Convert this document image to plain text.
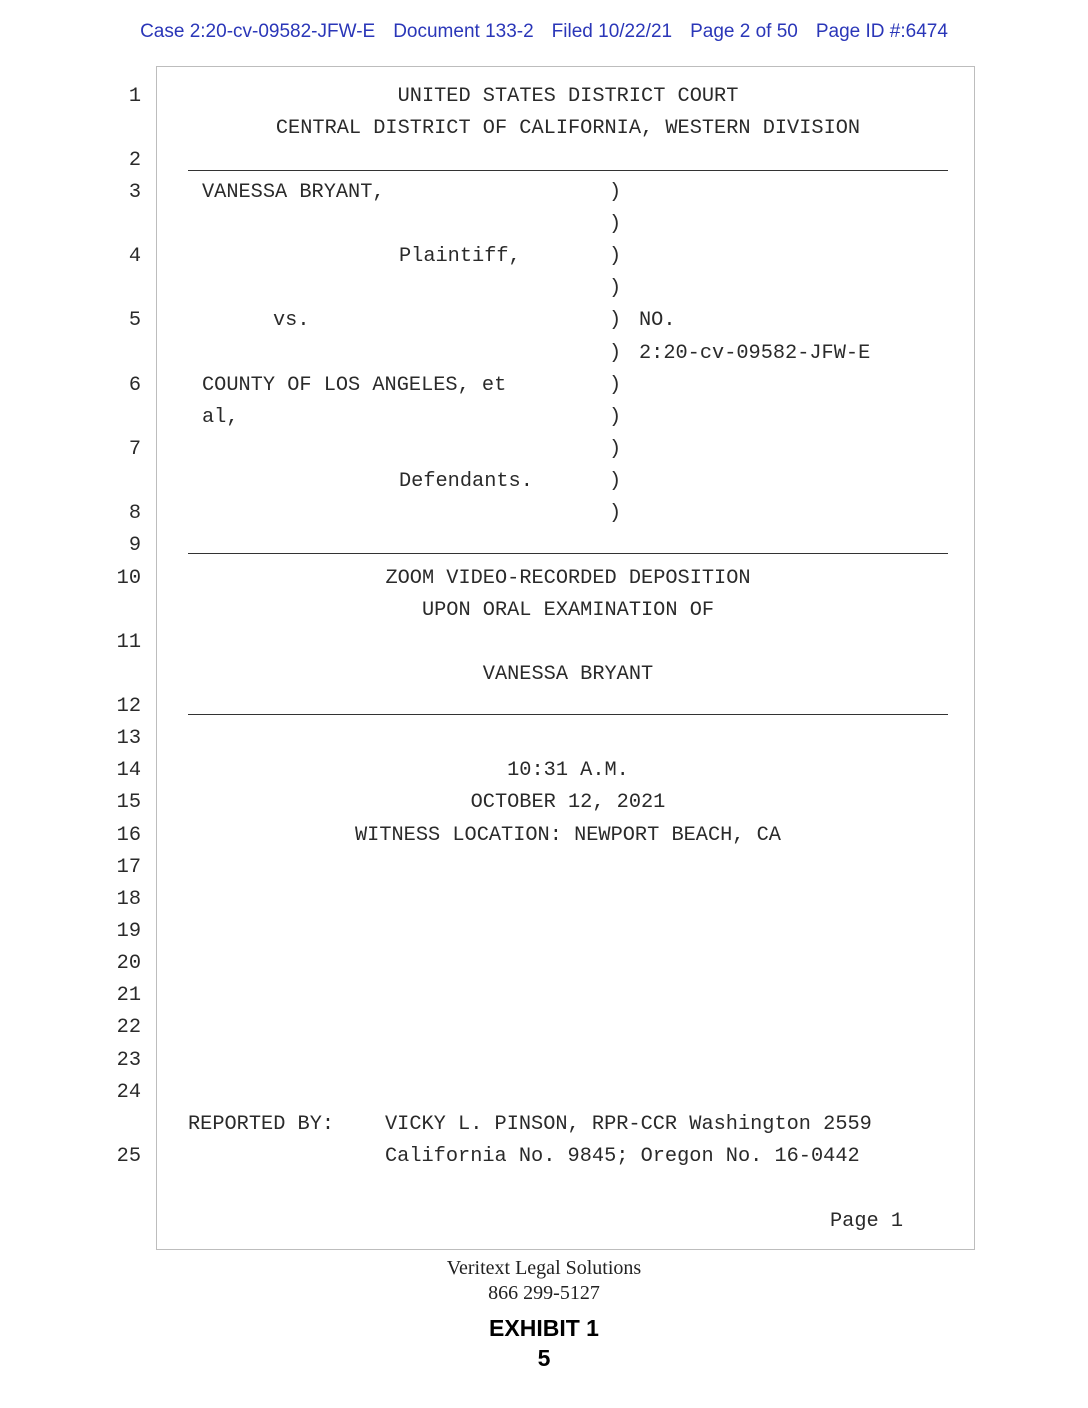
Case 2:20-cv-09582-JFW-E Document 133-2 Filed 10/22/21 Page 2 of 50 Page ID #:6474
1
2
3
4
5
6
7
8
9
10
11
12
13
14
15
16
17
18
19
20
21
22
23
24
25
UNITED STATES DISTRICT COURT
CENTRAL DISTRICT OF CALIFORNIA, WESTERN DIVISION
VANESSA BRYANT,
Plaintiff,
vs.
COUNTY OF LOS ANGELES, et
al,
Defendants.
)
)
)
)
)
)
)
)
)
)
)
NO.
2:20-cv-09582-JFW-E
ZOOM VIDEO-RECORDED DEPOSITION
UPON ORAL EXAMINATION OF
VANESSA BRYANT
10:31 A.M.
OCTOBER 12, 2021
WITNESS LOCATION: NEWPORT BEACH, CA
REPORTED BY:	VICKY L. PINSON, RPR-CCR Washington 2559
California No. 9845; Oregon No. 16-0442
Page 1
Veritext Legal Solutions
866 299-5127
EXHIBIT 1
5
